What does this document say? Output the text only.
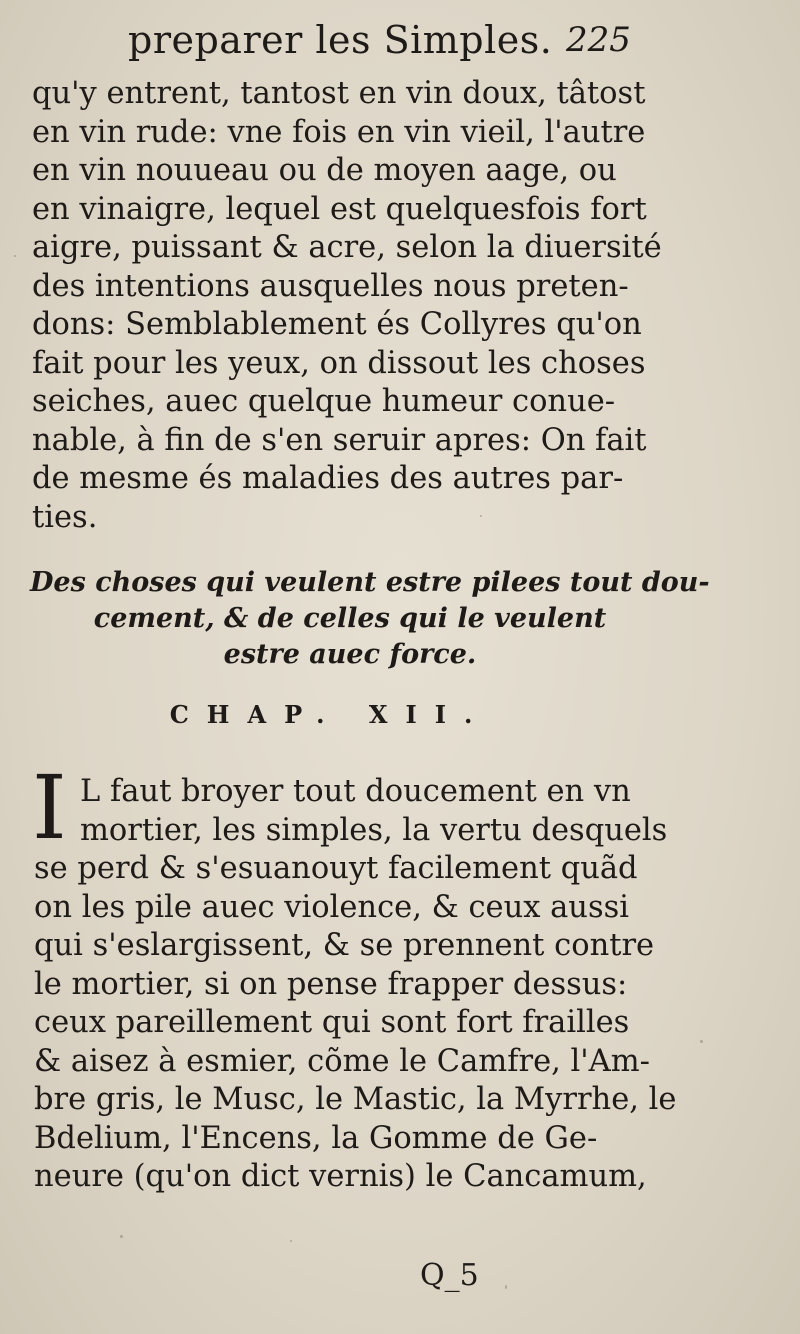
preparer les Simples. 225
qu'y entrent, tantost en vin doux, tâtost
en vin rude: vne fois en vin vieil, l'autre
en vin nouueau ou de moyen aage, ou
en vinaigre, lequel est quelquesfois fort
aigre, puissant & acre, selon la diuersité
des intentions ausquelles nous preten-
dons: Semblablement és Collyres qu'on
fait pour les yeux, on dissout les choses
seiches, auec quelque humeur conue-
nable, à fin de s'en seruir apres: On fait
de mesme és maladies des autres par-
ties.
Des choses qui veulent estre pilees tout dou-
cement, & de celles qui le veulent
estre auec force.
CHAP. XII.
I L faut broyer tout doucement en vn
mortier, les simples, la vertu desquels
se perd & s'esuanouyt facilement quãd
on les pile auec violence, & ceux aussi
qui s'eslargissent, & se prennent contre
le mortier, si on pense frapper dessus:
ceux pareillement qui sont fort frailles
& aisez à esmier, cõme le Camfre, l'Am-
bre gris, le Musc, le Mastic, la Myrrhe, le
Bdelium, l'Encens, la Gomme de Ge-
neure (qu'on dict vernis) le Cancamum,
Q_5
